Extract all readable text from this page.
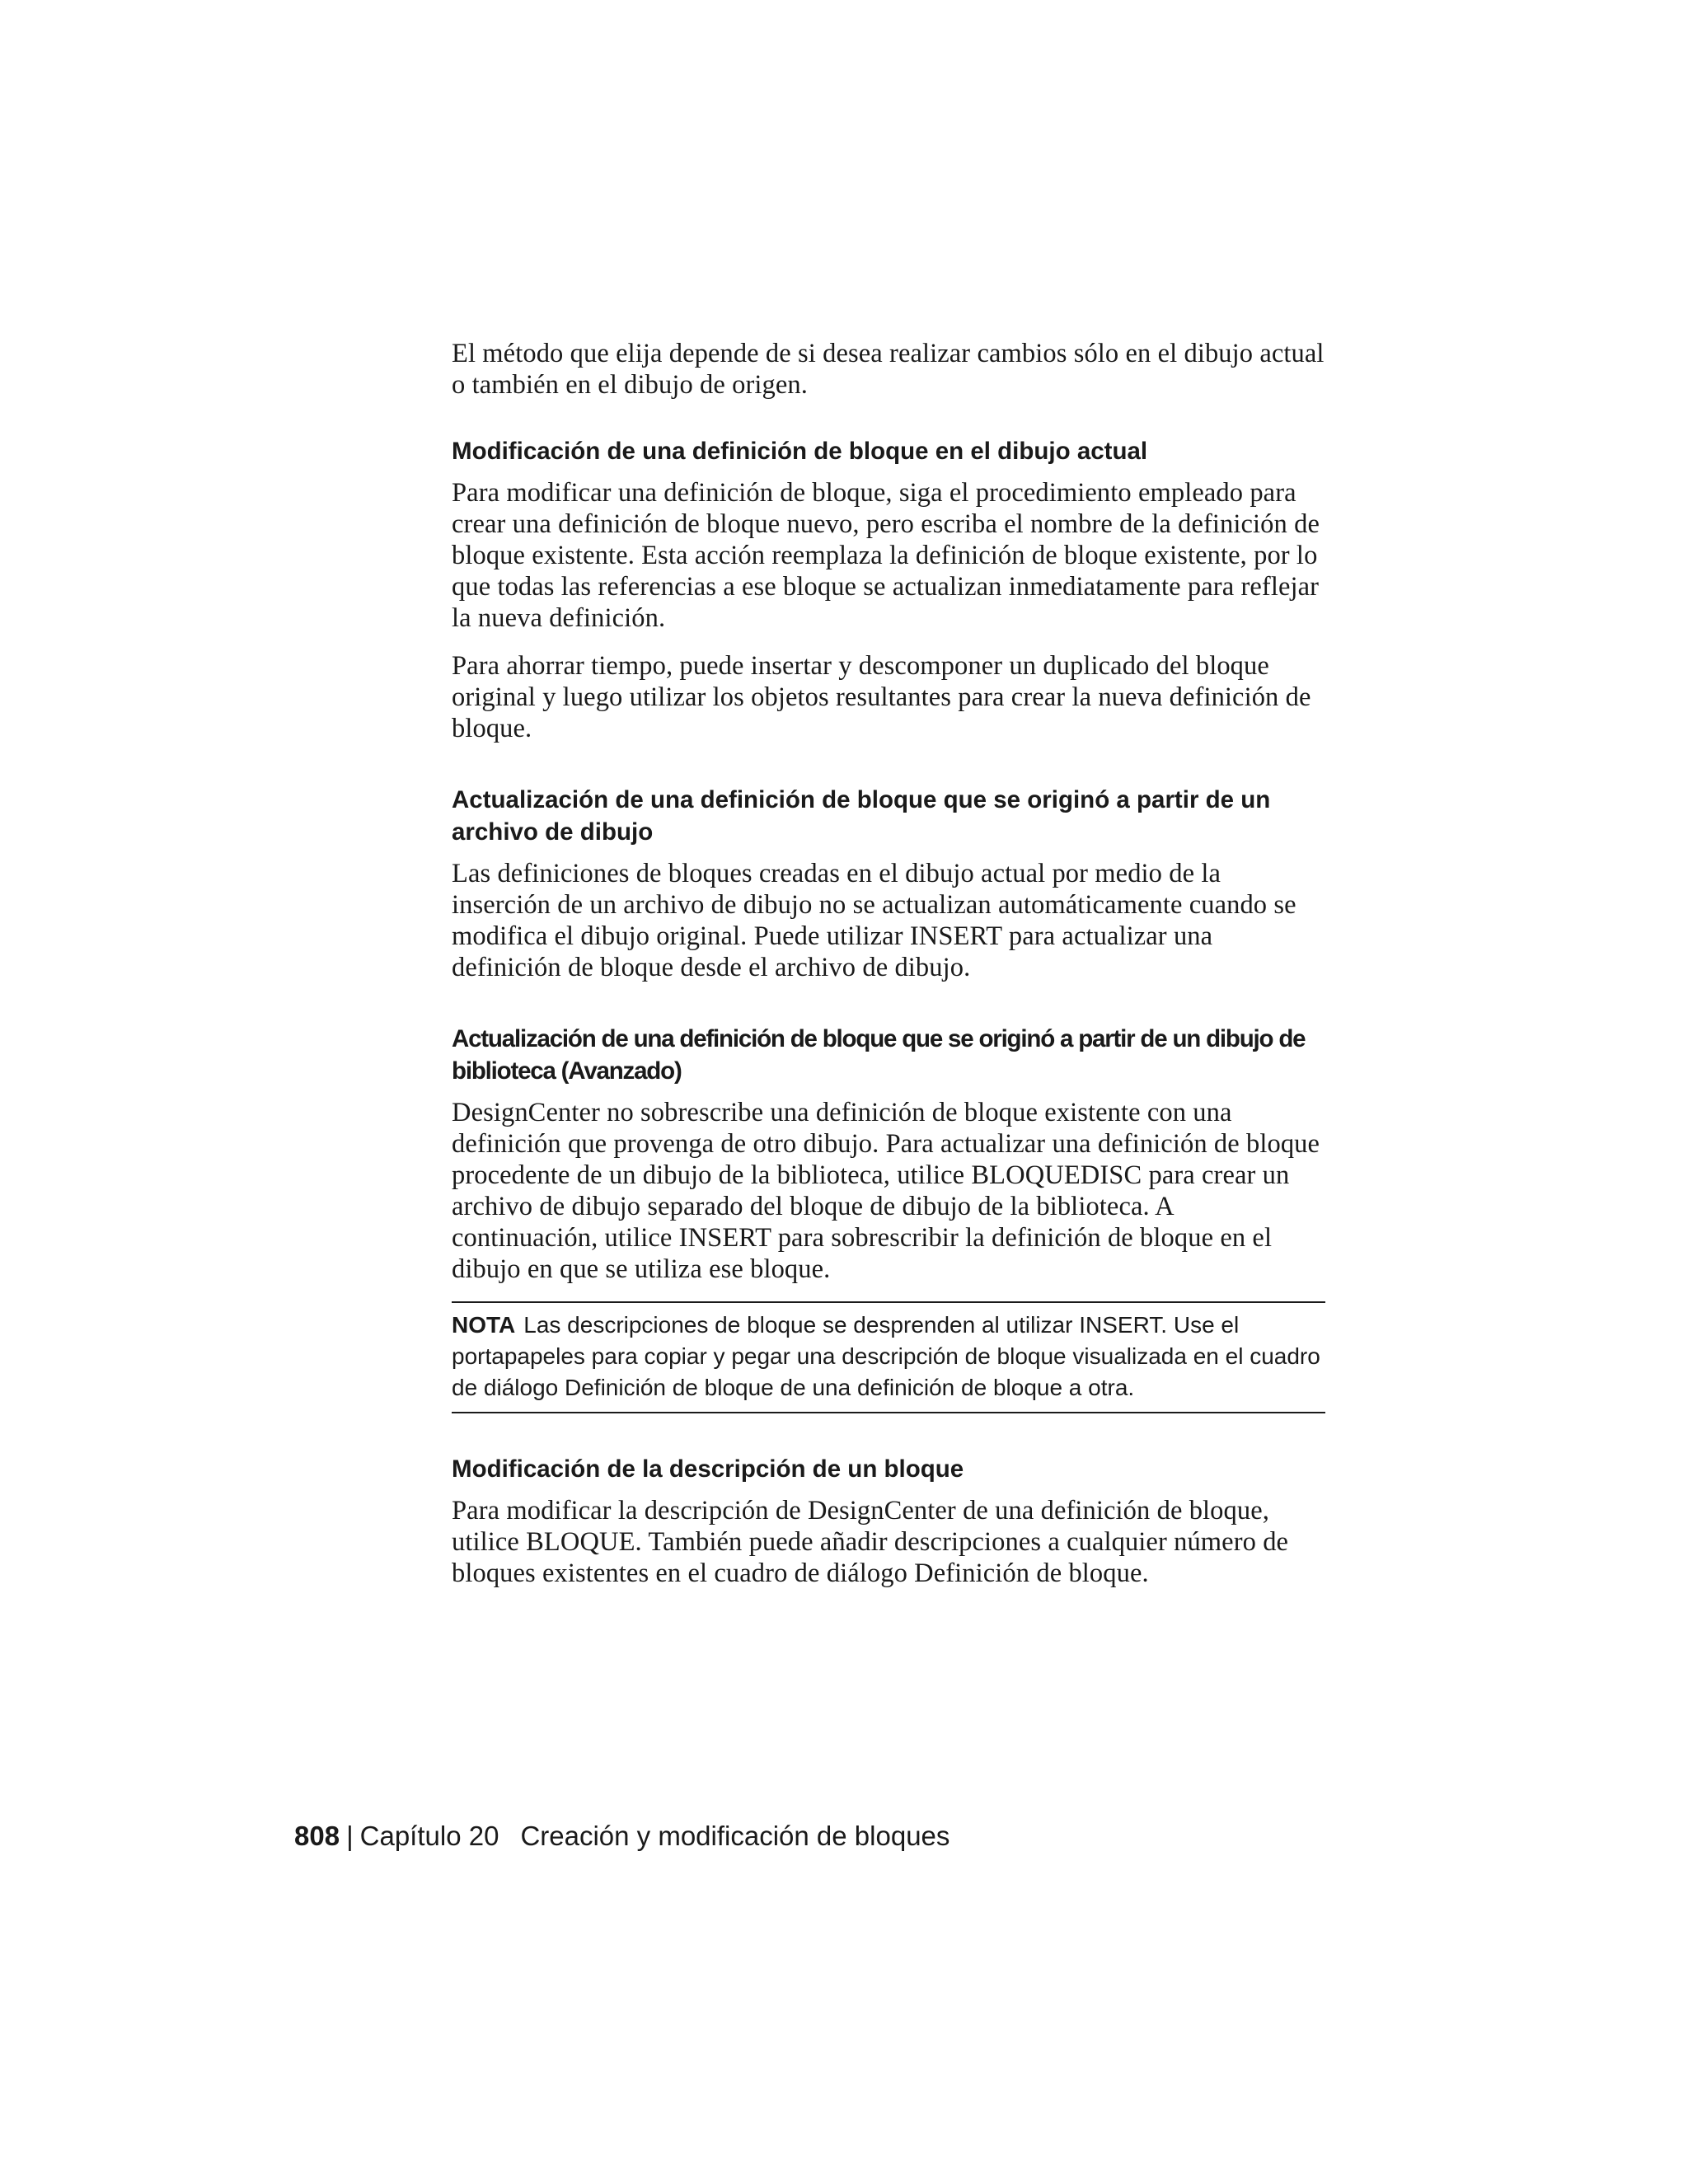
El método que elija depende de si desea realizar cambios sólo en el dibujo actual o también en el dibujo de origen.

Modificación de una definición de bloque en el dibujo actual

Para modificar una definición de bloque, siga el procedimiento empleado para crear una definición de bloque nuevo, pero escriba el nombre de la definición de bloque existente. Esta acción reemplaza la definición de bloque existente, por lo que todas las referencias a ese bloque se actualizan inmediatamente para reflejar la nueva definición.

Para ahorrar tiempo, puede insertar y descomponer un duplicado del bloque original y luego utilizar los objetos resultantes para crear la nueva definición de bloque.

Actualización de una definición de bloque que se originó a partir de un archivo de dibujo

Las definiciones de bloques creadas en el dibujo actual por medio de la inserción de un archivo de dibujo no se actualizan automáticamente cuando se modifica el dibujo original. Puede utilizar INSERT para actualizar una definición de bloque desde el archivo de dibujo.

Actualización de una definición de bloque que se originó a partir de un dibujo de biblioteca (Avanzado)

DesignCenter no sobrescribe una definición de bloque existente con una definición que provenga de otro dibujo. Para actualizar una definición de bloque procedente de un dibujo de la biblioteca, utilice BLOQUEDISC para crear un archivo de dibujo separado del bloque de dibujo de la biblioteca. A continuación, utilice INSERT para sobrescribir la definición de bloque en el dibujo en que se utiliza ese bloque.

NOTA Las descripciones de bloque se desprenden al utilizar INSERT. Use el portapapeles para copiar y pegar una descripción de bloque visualizada en el cuadro de diálogo Definición de bloque de una definición de bloque a otra.
Modificación de la descripción de un bloque

Para modificar la descripción de DesignCenter de una definición de bloque, utilice BLOQUE. También puede añadir descripciones a cualquier número de bloques existentes en el cuadro de diálogo Definición de bloque.

808 | Capítulo 20 Creación y modificación de bloques
